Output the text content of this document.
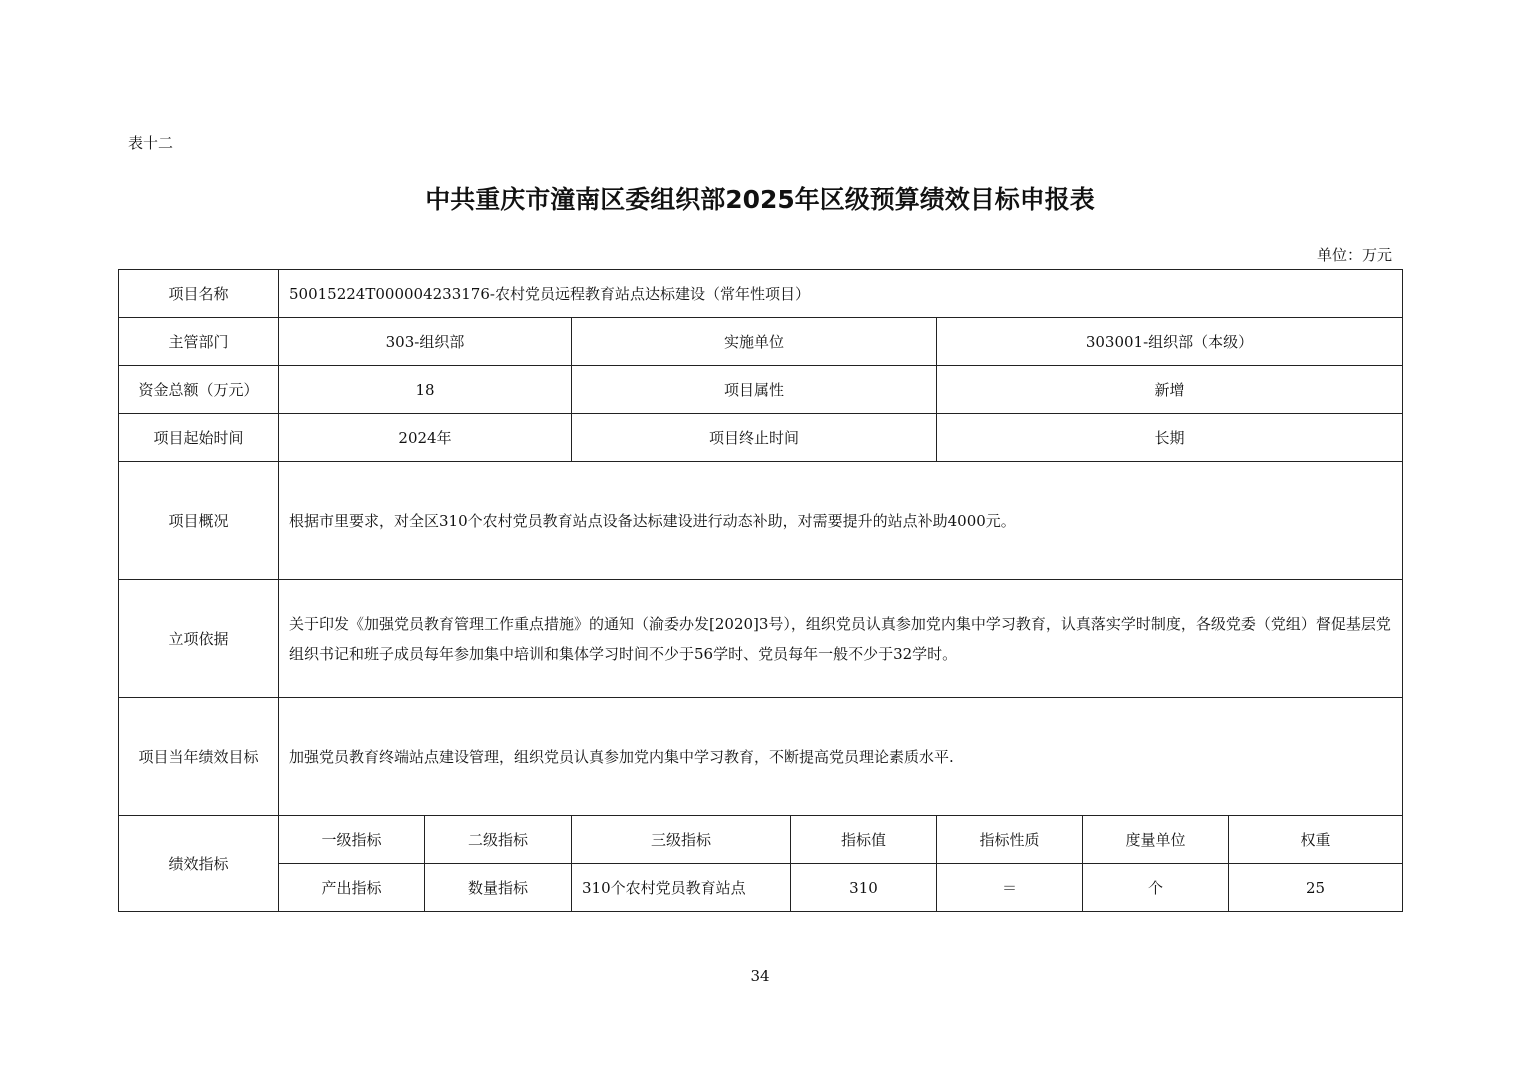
表十二
中共重庆市潼南区委组织部2025年区级预算绩效目标申报表
单位：万元
项目名称	50015224T000004233176-农村党员远程教育站点达标建设（常年性项目）						
主管部门	303-组织部		实施单位		303001-组织部（本级）		
资金总额（万元）	18		项目属性		新增		
项目起始时间	2024年		项目终止时间		长期		
项目概况	根据市里要求，对全区310个农村党员教育站点设备达标建设进行动态补助，对需要提升的站点补助4000元。						
立项依据	关于印发《加强党员教育管理工作重点措施》的通知（渝委办发[2020]3号），组织党员认真参加党内集中学习教育，认真落实学时制度，各级党委（党组）督促基层党组织书记和班子成员每年参加集中培训和集体学习时间不少于56学时、党员每年一般不少于32学时。						
项目当年绩效目标	加强党员教育终端站点建设管理，组织党员认真参加党内集中学习教育，不断提高党员理论素质水平.						
绩效指标	一级指标	二级指标	三级指标	指标值	指标性质	度量单位	权重
	产出指标	数量指标	310个农村党员教育站点	310	＝	个	25
34
